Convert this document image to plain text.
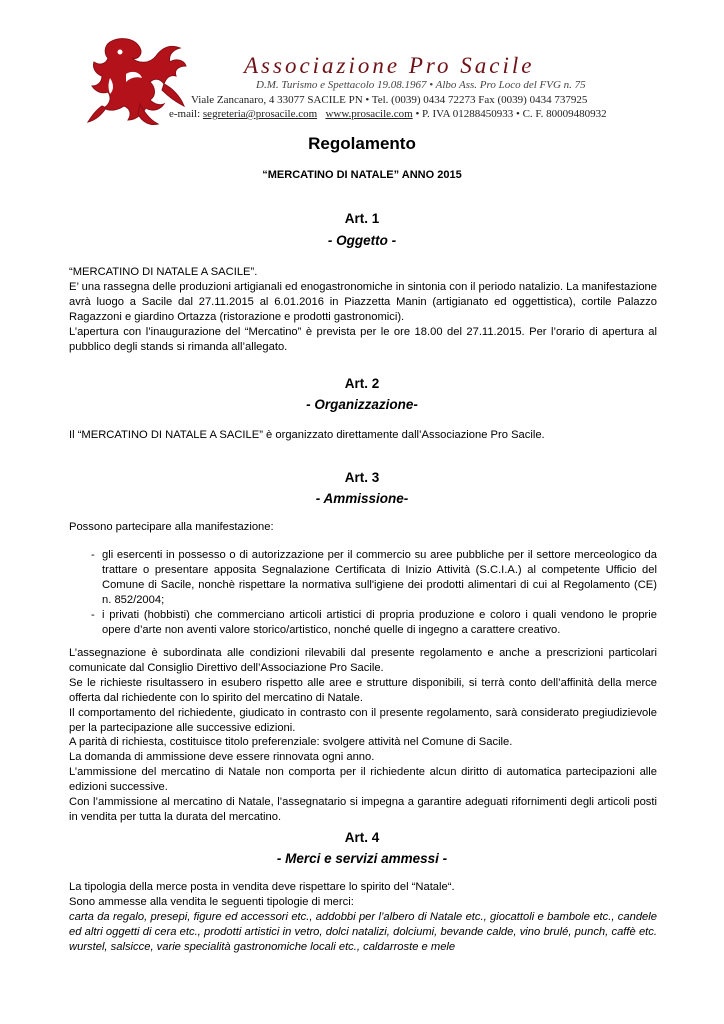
Associazione Pro Sacile
D.M. Turismo e Spettacolo 19.08.1967 • Albo Ass. Pro Loco del FVG n. 75
Viale Zancanaro, 4 33077 SACILE PN • Tel. (0039) 0434 72273 Fax (0039) 0434 737925
e-mail: segreteria@prosacile.com www.prosacile.com • P. IVA 01288450933 • C. F. 80009480932
Regolamento
“MERCATINO DI NATALE” ANNO 2015
Art. 1
- Oggetto -

“MERCATINO DI NATALE A SACILE”.

E’ una rassegna delle produzioni artigianali ed enogastronomiche in sintonia con il periodo natalizio. La manifestazione avrà luogo a Sacile dal 27.11.2015 al 6.01.2016 in Piazzetta Manin (artigianato ed oggettistica), cortile Palazzo Ragazzoni e giardino Ortazza (ristorazione e prodotti gastronomici).

L’apertura con l’inaugurazione del “Mercatino” è prevista per le ore 18.00 del 27.11.2015. Per l’orario di apertura al pubblico degli stands si rimanda all’allegato.

Art. 2
- Organizzazione-

Il “MERCATINO DI NATALE A SACILE” è organizzato direttamente dall’Associazione Pro Sacile.

Art. 3
- Ammissione-
Possono partecipare alla manifestazione:
- gli esercenti in possesso o di autorizzazione per il commercio su aree pubbliche per il settore merceologico da trattare o presentare apposita Segnalazione Certificata di Inizio Attività (S.C.I.A.) al competente Ufficio del Comune di Sacile, nonchè rispettare la normativa sull'igiene dei prodotti alimentari di cui al Regolamento (CE) n. 852/2004;
- i privati (hobbisti) che commerciano articoli artistici di propria produzione e coloro i quali vendono le proprie opere d’arte non aventi valore storico/artistico, nonché quelle di ingegno a carattere creativo.

L’assegnazione è subordinata alle condizioni rilevabili dal presente regolamento e anche a prescrizioni particolari comunicate dal Consiglio Direttivo dell’Associazione Pro Sacile.

Se le richieste risultassero in esubero rispetto alle aree e strutture disponibili, si terrà conto dell’affinità della merce offerta dal richiedente con lo spirito del mercatino di Natale.

Il comportamento del richiedente, giudicato in contrasto con il presente regolamento, sarà considerato pregiudizievole per la partecipazione alle successive edizioni.

A parità di richiesta, costituisce titolo preferenziale: svolgere attività nel Comune di Sacile.

La domanda di ammissione deve essere rinnovata ogni anno.

L’ammissione del mercatino di Natale non comporta per il richiedente alcun diritto di automatica partecipazioni alle edizioni successive.

Con l’ammissione al mercatino di Natale, l’assegnatario si impegna a garantire adeguati rifornimenti degli articoli posti in vendita per tutta la durata del mercatino.

Art. 4
- Merci e servizi ammessi -

La tipologia della merce posta in vendita deve rispettare lo spirito del “Natale“.

Sono ammesse alla vendita le seguenti tipologie di merci:

carta da regalo, presepi, figure ed accessori etc., addobbi per l’albero di Natale etc., giocattoli e bambole etc., candele ed altri oggetti di cera etc., prodotti artistici in vetro, dolci natalizi, dolciumi, bevande calde, vino brulé, punch, caffè etc. wurstel, salsicce, varie specialità gastronomiche locali etc., caldarroste e mele
